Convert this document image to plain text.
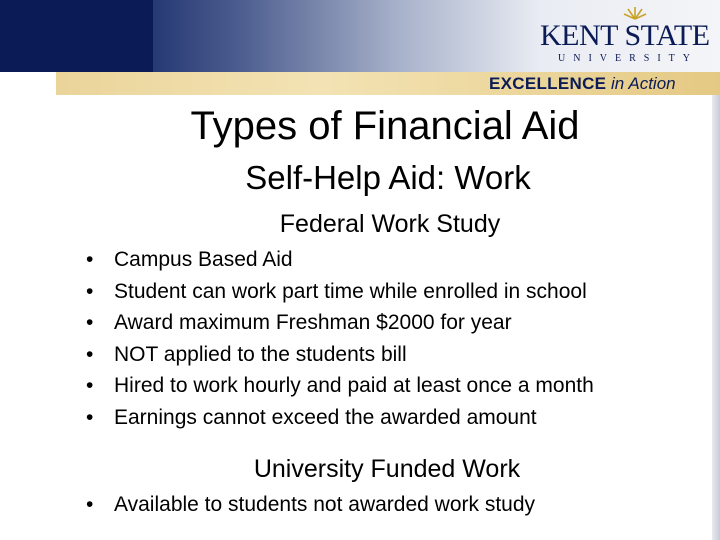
KENT STATE
UNIVERSITY
EXCELLENCE in Action
Types of Financial Aid
Self-Help Aid: Work
Federal Work Study
• Campus Based Aid
• Student can work part time while enrolled in school
• Award maximum Freshman $2000 for year
• NOT applied to the students bill
• Hired to work hourly and paid at least once a month
• Earnings cannot exceed the awarded amount
University Funded Work
• Available to students not awarded work study
